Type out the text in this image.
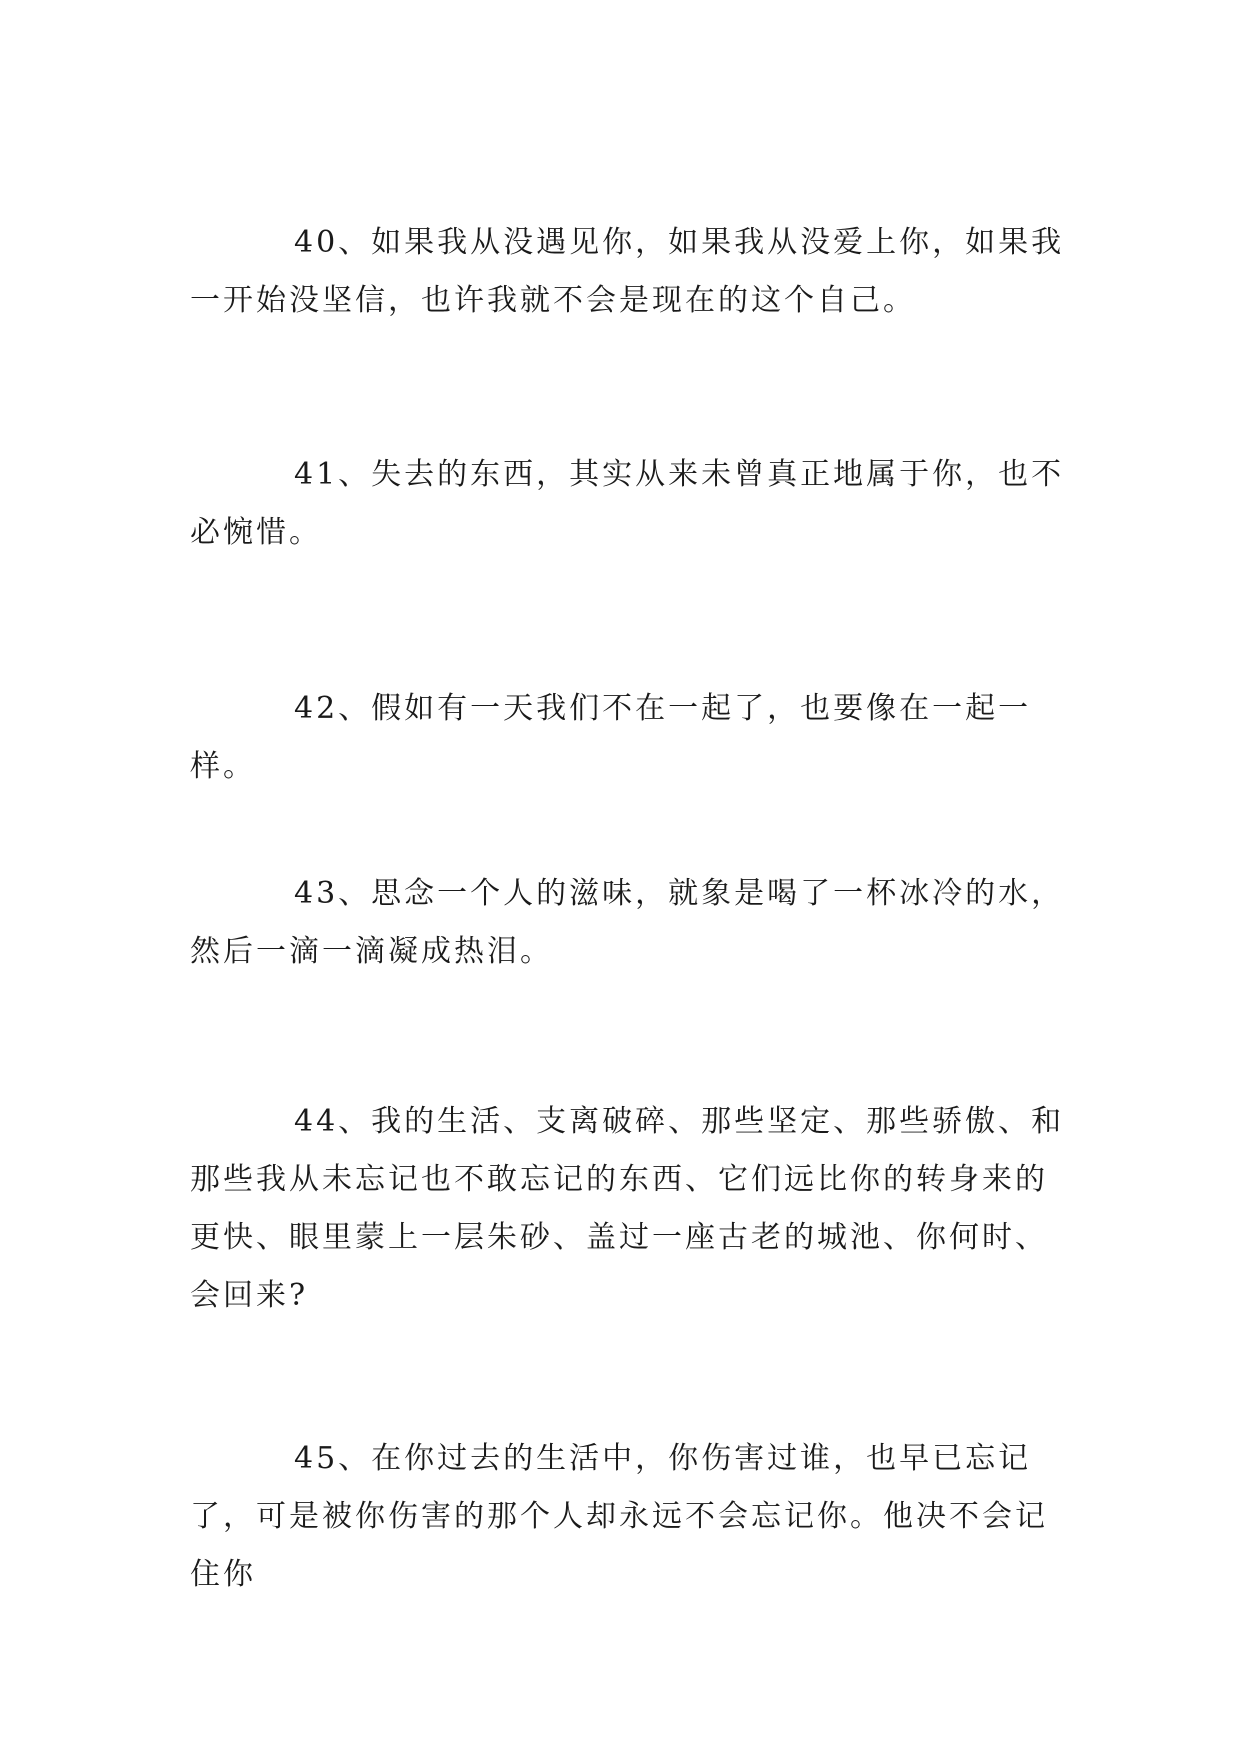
40、如果我从没遇见你，如果我从没爱上你，如果我一开始没坚信，也许我就不会是现在的这个自己。

41、失去的东西，其实从来未曾真正地属于你，也不必惋惜。

42、假如有一天我们不在一起了，也要像在一起一样。

43、思念一个人的滋味，就象是喝了一杯冰冷的水，然后一滴一滴凝成热泪。

44、我的生活、支离破碎、那些坚定、那些骄傲、和那些我从未忘记也不敢忘记的东西、它们远比你的转身来的更快、眼里蒙上一层朱砂、盖过一座古老的城池、你何时、会回来?

45、在你过去的生活中，你伤害过谁，也早已忘记了，可是被你伤害的那个人却永远不会忘记你。他决不会记住你
